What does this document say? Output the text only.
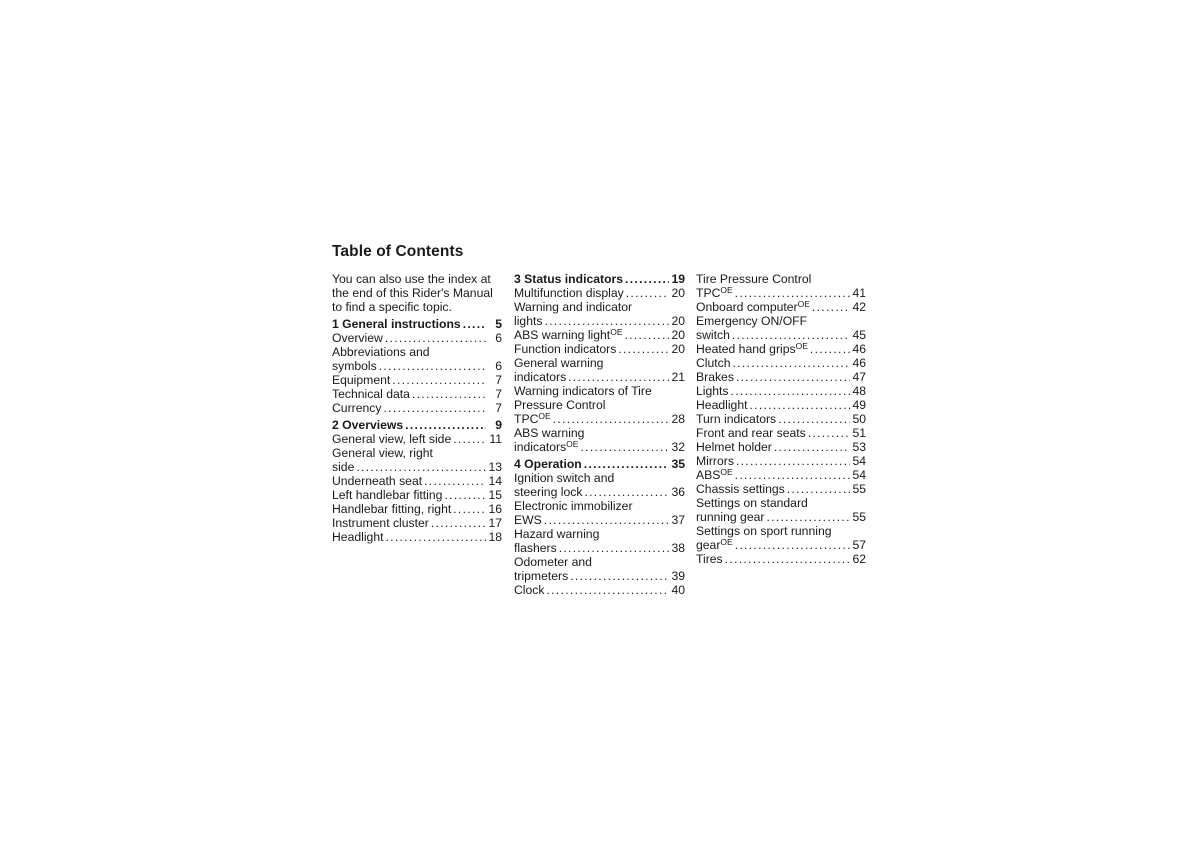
Table of Contents
You can also use the index at
the end of this Rider's Manual
to find a specific topic.
1 General instructions .....	5
Overview .....	6
Abbreviations and
symbols .....	6
Equipment .....	7
Technical data .....	7
Currency .....	7
2 Overviews .....	9
General view, left side .....	11
General view, right
side .....	13
Underneath seat .....	14
Left handlebar fitting .....	15
Handlebar fitting, right .....	16
Instrument cluster .....	17
Headlight .....	18
3 Status indicators .....	19
Multifunction display .....	20
Warning and indicator
lights .....	20
ABS warning light$^{OE}$ .....	20
Function indicators .....	20
General warning
indicators .....	21
Warning indicators of Tire
Pressure Control
$TPC^{OE}$ .....	28
ABS warning
indicators$^{OE}$ .....	32
4 Operation .....	35
Ignition switch and
steering lock .....	36
Electronic immobilizer
EWS .....	37
Hazard warning
flashers .....	38
Odometer and
tripmeters .....	39
Clock .....	40
Tire Pressure Control
$TPC^{OE}$ .....	41
Onboard computer$^{OE}$ .....	42
Emergency ON/OFF
switch .....	45
Heated hand grips$^{OE}$ .....	46
Clutch .....	46
Brakes .....	47
Lights .....	48
Headlight .....	49
Turn indicators .....	50
Front and rear seats .....	51
Helmet holder .....	53
Mirrors .....	54
$ABS^{OE}$ .....	54
Chassis settings .....	55
Settings on standard
running gear .....	55
Settings on sport running
gear$^{OE}$ .....	57
Tires .....	62
